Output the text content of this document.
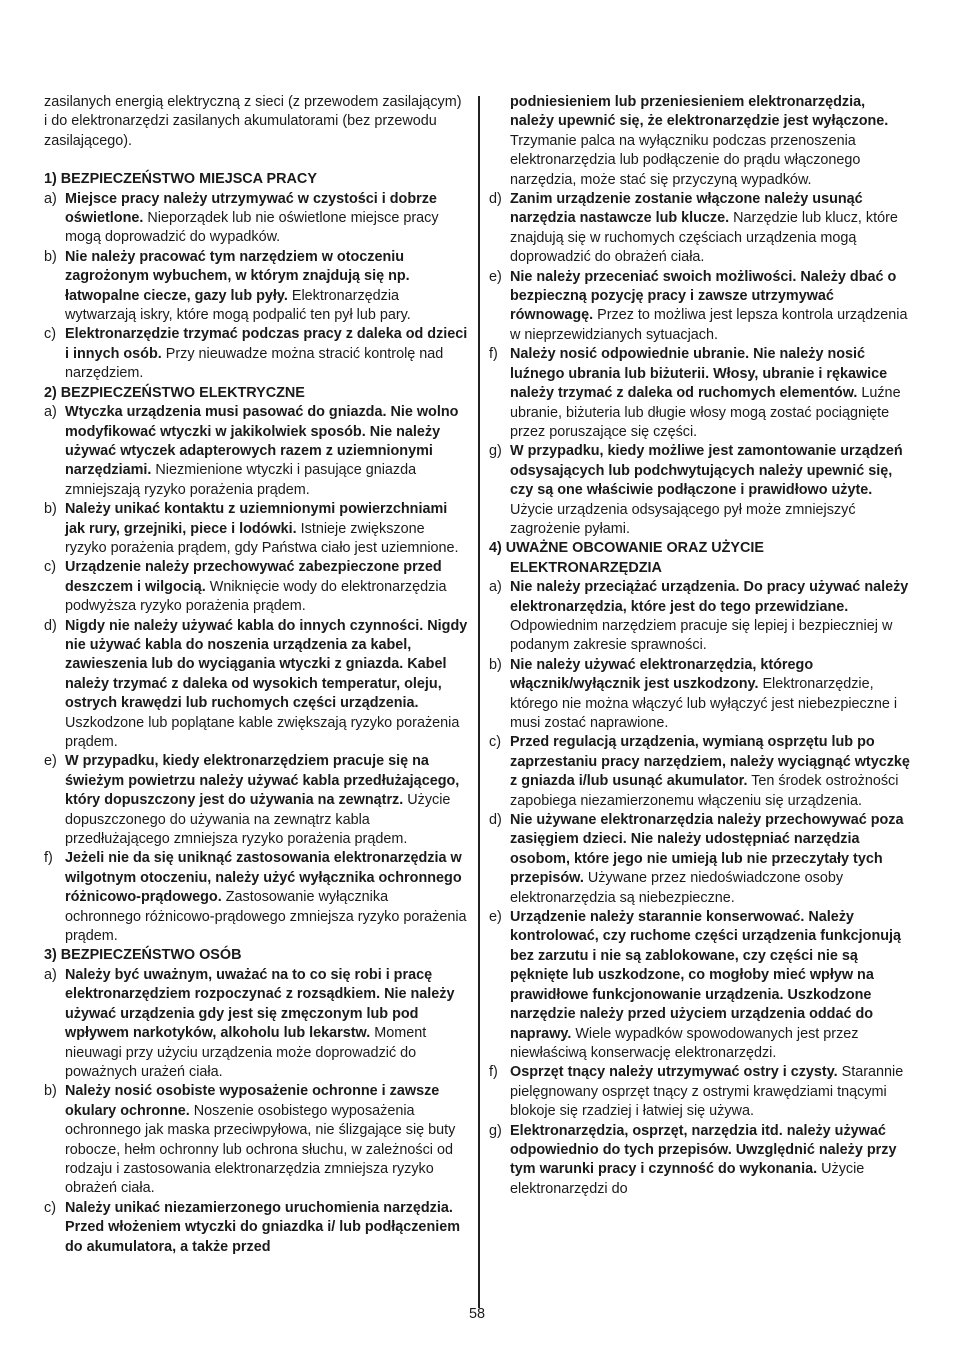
zasilanych energią elektryczną z sieci (z przewodem zasilającym) i do elektronarzędzi zasilanych akumulatorami (bez przewodu zasilającego).

1) BEZPIECZEŃSTWO MIEJSCA PRACY

a) Miejsce pracy należy utrzymywać w czystości i dobrze oświetlone. Nieporządek lub nie oświetlone miejsce pracy mogą doprowadzić do wypadków.
b) Nie należy pracować tym narzędziem w otoczeniu zagrożonym wybuchem, w którym znajdują się np. łatwopalne ciecze, gazy lub pyły. Elektronarzędzia wytwarzają iskry, które mogą podpalić ten pył lub pary.
c) Elektronarzędzie trzymać podczas pracy z daleka od dzieci i innych osób. Przy nieuwadze można stracić kontrolę nad narzędziem.

2) BEZPIECZEŃSTWO ELEKTRYCZNE

a) Wtyczka urządzenia musi pasować do gniazda. Nie wolno modyfikować wtyczki w jakikolwiek sposób. Nie należy używać wtyczek adapterowych razem z uziemnionymi narzędziami. Niezmienione wtyczki i pasujące gniazda zmniejszają ryzyko porażenia prądem.
b) Należy unikać kontaktu z uziemnionymi powierzchniami jak rury, grzejniki, piece i lodówki. Istnieje zwiększone ryzyko porażenia prądem, gdy Państwa ciało jest uziemnione.
c) Urządzenie należy przechowywać zabezpieczone przed deszczem i wilgocią. Wniknięcie wody do elektronarzędzia podwyższa ryzyko porażenia prądem.
d) Nigdy nie należy używać kabla do innych czynności. Nigdy nie używać kabla do noszenia urządzenia za kabel, zawieszenia lub do wyciągania wtyczki z gniazda. Kabel należy trzymać z daleka od wysokich temperatur, oleju, ostrych krawędzi lub ruchomych części urządzenia. Uszkodzone lub poplątane kable zwiększają ryzyko porażenia prądem.
e) W przypadku, kiedy elektronarzędziem pracuje się na świeżym powietrzu należy używać kabla przedłużającego, który dopuszczony jest do używania na zewnątrz. Użycie dopuszczonego do używania na zewnątrz kabla przedłużającego zmniejsza ryzyko porażenia prądem.
f) Jeżeli nie da się uniknąć zastosowania elektronarzędzia w wilgotnym otoczeniu, należy użyć wyłącznika ochronnego różnicowo-prądowego. Zastosowanie wyłącznika ochronnego różnicowo-prądowego zmniejsza ryzyko porażenia prądem.

3) BEZPIECZEŃSTWO OSÓB

a) Należy być uważnym, uważać na to co się robi i pracę elektronarzędziem rozpoczynać z rozsądkiem. Nie należy używać urządzenia gdy jest się zmęczonym lub pod wpływem narkotyków, alkoholu lub lekarstw. Moment nieuwagi przy użyciu urządzenia może doprowadzić do poważnych urażeń ciała.
b) Należy nosić osobiste wyposażenie ochronne i zawsze okulary ochronne. Noszenie osobistego wyposażenia ochronnego jak maska przeciwpyłowa, nie ślizgające się buty robocze, hełm ochronny lub ochrona słuchu, w zależności od rodzaju i zastosowania elektronarzędzia zmniejsza ryzyko obrażeń ciała.
c) Należy unikać niezamierzonego uruchomienia narzędzia. Przed włożeniem wtyczki do gniazdka i/ lub podłączeniem do akumulatora, a także przed
podniesieniem lub przeniesieniem elektronarzędzia, należy upewnić się, że elektronarzędzie jest wyłączone. Trzymanie palca na wyłączniku podczas przenoszenia elektronarzędzia lub podłączenie do prądu włączonego narzędzia, może stać się przyczyną wypadków.
d) Zanim urządzenie zostanie włączone należy usunąć narzędzia nastawcze lub klucze. Narzędzie lub klucz, które znajdują się w ruchomych częściach urządzenia mogą doprowadzić do obrażeń ciała.
e) Nie należy przeceniać swoich możliwości. Należy dbać o bezpieczną pozycję pracy i zawsze utrzymywać równowagę. Przez to możliwa jest lepsza kontrola urządzenia w nieprzewidzianych sytuacjach.
f) Należy nosić odpowiednie ubranie. Nie należy nosić luźnego ubrania lub biżuterii. Włosy, ubranie i rękawice należy trzymać z daleka od ruchomych elementów. Luźne ubranie, biżuteria lub długie włosy mogą zostać pociągnięte przez poruszające się części.
g) W przypadku, kiedy możliwe jest zamontowanie urządzeń odsysających lub podchwytujących należy upewnić się, czy są one właściwie podłączone i prawidłowo użyte. Użycie urządzenia odsysającego pył może zmniejszyć zagrożenie pyłami.

4) UWAŻNE OBCOWANIE ORAZ UŻYCIE ELEKTRONARZĘDZIA

a) Nie należy przeciążać urządzenia. Do pracy używać należy elektronarzędzia, które jest do tego przewidziane. Odpowiednim narzędziem pracuje się lepiej i bezpieczniej w podanym zakresie sprawności.
b) Nie należy używać elektronarzędzia, którego włącznik/wyłącznik jest uszkodzony. Elektronarzędzie, którego nie można włączyć lub wyłączyć jest niebezpieczne i musi zostać naprawione.
c) Przed regulacją urządzenia, wymianą osprzętu lub po zaprzestaniu pracy narzędziem, należy wyciągnąć wtyczkę z gniazda i/lub usunąć akumulator. Ten środek ostrożności zapobiega niezamierzonemu włączeniu się urządzenia.
d) Nie używane elektronarzędzia należy przechowywać poza zasięgiem dzieci. Nie należy udostępniać narzędzia osobom, które jego nie umieją lub nie przeczytały tych przepisów. Używane przez niedoświadczone osoby elektronarzędzia są niebezpieczne.
e) Urządzenie należy starannie konserwować. Należy kontrolować, czy ruchome części urządzenia funkcjonują bez zarzutu i nie są zablokowane, czy części nie są pęknięte lub uszkodzone, co mogłoby mieć wpływ na prawidłowe funkcjonowanie urządzenia. Uszkodzone narzędzie należy przed użyciem urządzenia oddać do naprawy. Wiele wypadków spowodowanych jest przez niewłaściwą konserwację elektronarzędzi.
f) Osprzęt tnący należy utrzymywać ostry i czysty. Starannie pielęgnowany osprzęt tnący z ostrymi krawędziami tnącymi blokoje się rzadziej i łatwiej się używa.
g) Elektronarzędzia, osprzęt, narzędzia itd. należy używać odpowiednio do tych przepisów. Uwzględnić należy przy tym warunki pracy i czynność do wykonania. Użycie elektronarzędzi do
58
